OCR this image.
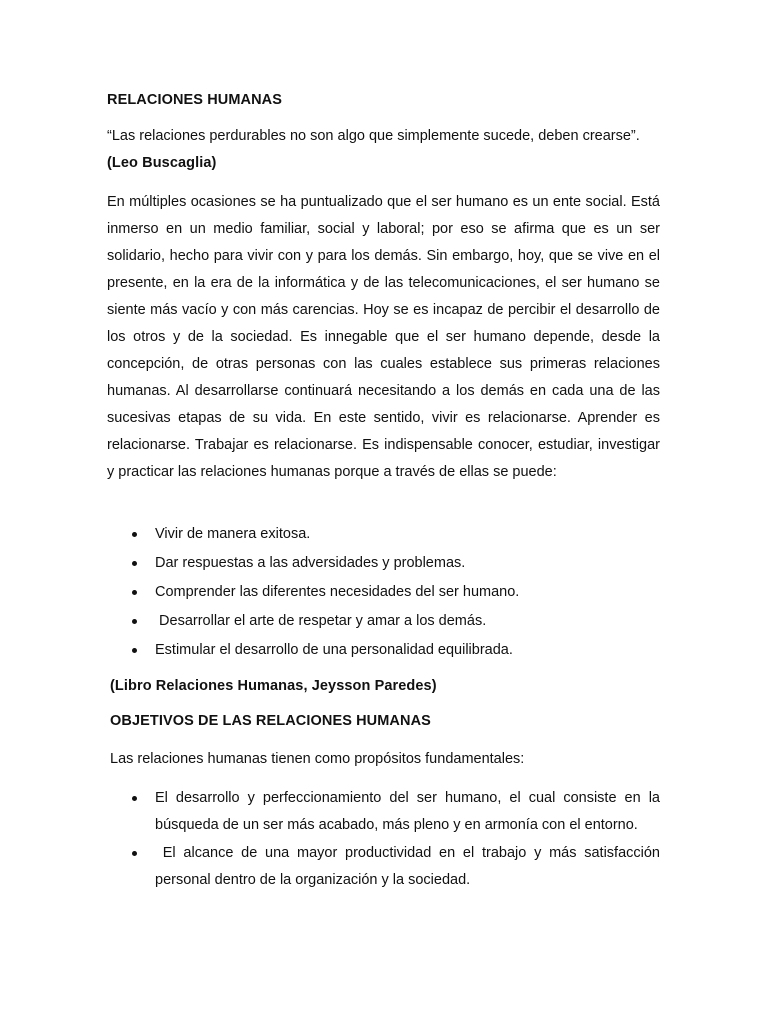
RELACIONES HUMANAS
“Las relaciones perdurables no son algo que simplemente sucede, deben crearse”.
(Leo Buscaglia)
En múltiples ocasiones se ha puntualizado que el ser humano es un ente social. Está inmerso en un medio familiar, social y laboral; por eso se afirma que es un ser solidario, hecho para vivir con y para los demás. Sin embargo, hoy, que se vive en el presente, en la era de la informática y de las telecomunicaciones, el ser humano se siente más vacío y con más carencias. Hoy se es incapaz de percibir el desarrollo de los otros y de la sociedad. Es innegable que el ser humano depende, desde la concepción, de otras personas con las cuales establece sus primeras relaciones humanas. Al desarrollarse continuará necesitando a los demás en cada una de las sucesivas etapas de su vida. En este sentido, vivir es relacionarse. Aprender es relacionarse. Trabajar es relacionarse. Es indispensable conocer, estudiar, investigar y practicar las relaciones humanas porque a través de ellas se puede:
Vivir de manera exitosa.
Dar respuestas a las adversidades y problemas.
Comprender las diferentes necesidades del ser humano.
Desarrollar el arte de respetar y amar a los demás.
Estimular el desarrollo de una personalidad equilibrada.
(Libro Relaciones Humanas, Jeysson Paredes)
OBJETIVOS DE LAS RELACIONES HUMANAS
Las relaciones humanas tienen como propósitos fundamentales:
El desarrollo y perfeccionamiento del ser humano, el cual consiste en la búsqueda de un ser más acabado, más pleno y en armonía con el entorno.
El alcance de una mayor productividad en el trabajo y más satisfacción personal dentro de la organización y la sociedad.
